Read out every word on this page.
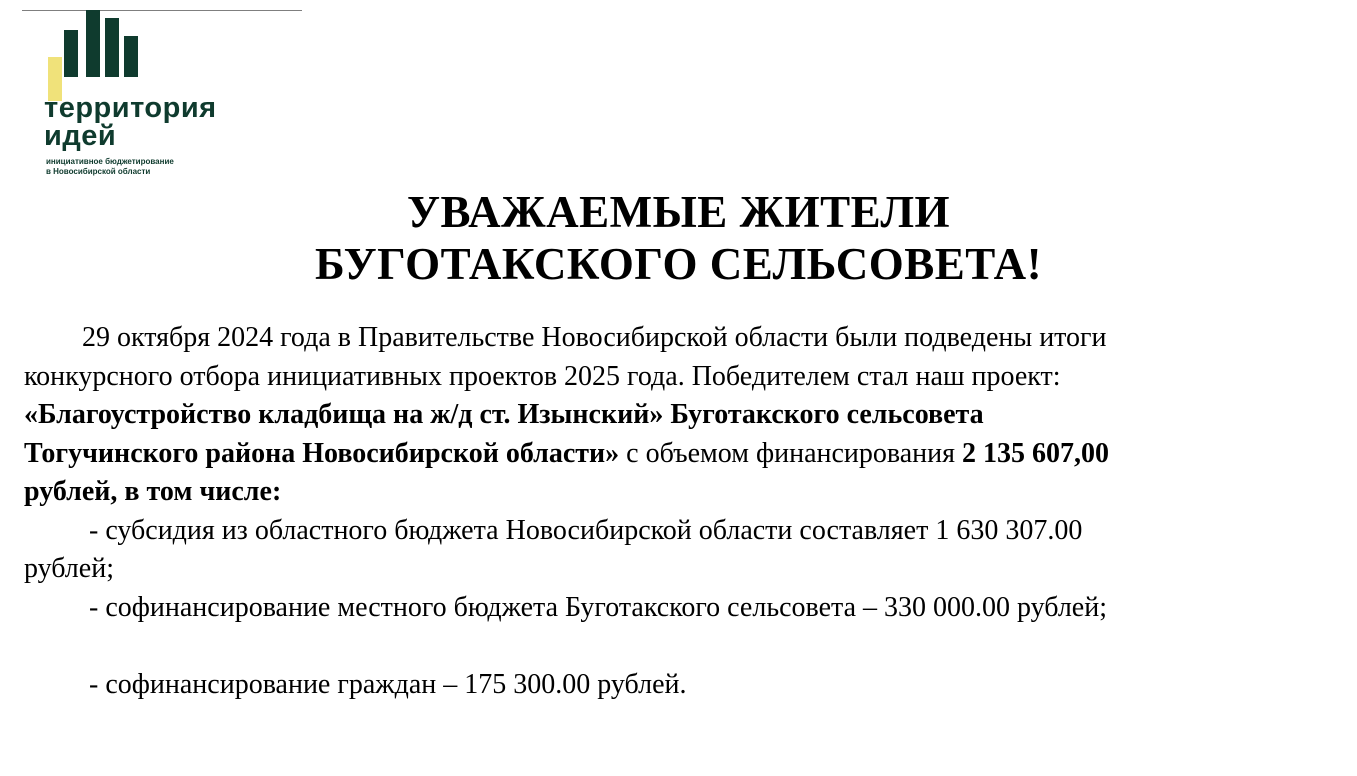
территория
идей
инициативное бюджетирование
в Новосибирской области
УВАЖАЕМЫЕ ЖИТЕЛИ
БУГОТАКСКОГО СЕЛЬСОВЕТА!
29 октября 2024 года в Правительстве Новосибирской области были подведены итоги
конкурсного отбора инициативных проектов 2025 года. Победителем стал наш проект:
«Благоустройство кладбища на ж/д ст. Изынский» Буготакского сельсовета
Тогучинского района Новосибирской области» с объемом финансирования 2 135 607,00
рублей, в том числе:
- субсидия из областного бюджета Новосибирской области составляет 1 630 307.00
рублей;
- софинансирование местного бюджета Буготакского сельсовета – 330 000.00 рублей;
- софинансирование граждан – 175 300.00 рублей.
